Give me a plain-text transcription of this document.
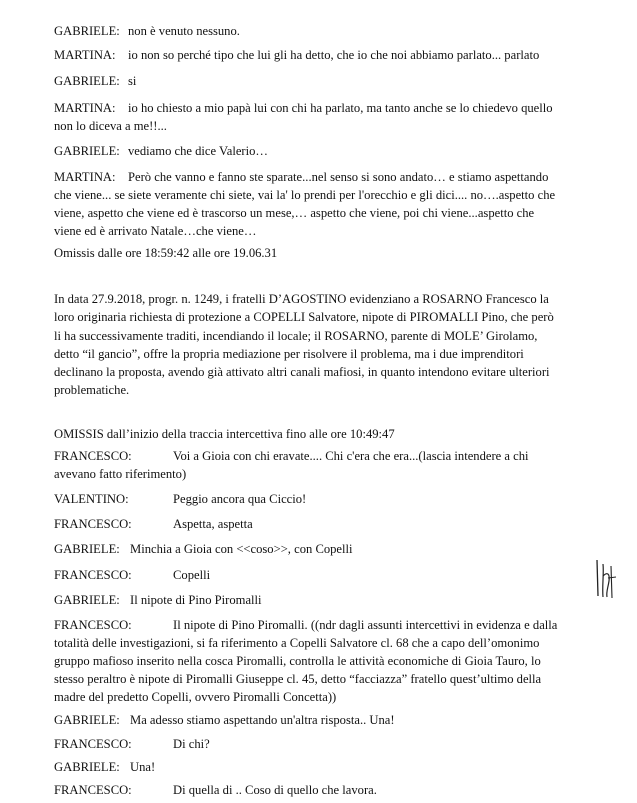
GABRIELE: non è venuto nessuno.
MARTINA: io non so perché tipo che lui gli ha detto, che io che noi abbiamo parlato... parlato
GABRIELE: si
MARTINA: io ho chiesto a mio papà lui con chi ha parlato, ma tanto anche se lo chiedevo quello
non lo diceva a me!!...
GABRIELE: vediamo che dice Valerio…
MARTINA: Però che vanno e fanno ste sparate...nel senso si sono andato… e stiamo aspettando
che viene... se siete veramente chi siete, vai la' lo prendi per l'orecchio e gli dici.... no….aspetto che
viene, aspetto che viene ed è trascorso un mese,… aspetto che viene, poi chi viene...aspetto che
viene ed è arrivato Natale…che viene…
Omissis dalle ore 18:59:42 alle ore 19.06.31
In data 27.9.2018, progr. n. 1249, i fratelli D’AGOSTINO evidenziano a ROSARNO Francesco la
loro originaria richiesta di protezione a COPELLI Salvatore, nipote di PIROMALLI Pino, che però
li ha successivamente traditi, incendiando il locale; il ROSARNO, parente di MOLE’ Girolamo,
detto “il gancio”, offre la propria mediazione per risolvere il problema, ma i due imprenditori
declinano la proposta, avendo già attivato altri canali mafiosi, in quanto intendono evitare ulteriori
problematiche.
OMISSIS dall’inizio della traccia intercettiva fino alle ore 10:49:47
FRANCESCO:	Voi a Gioia con chi eravate.... Chi c'era che era...(lascia intendere a chi
avevano fatto riferimento)
VALENTINO:	Peggio ancora qua Ciccio!
FRANCESCO:	Aspetta, aspetta
GABRIELE: Minchia a Gioia con <<coso>>, con Copelli
FRANCESCO:	Copelli
GABRIELE: Il nipote di Pino Piromalli
FRANCESCO:	Il nipote di Pino Piromalli. ((ndr dagli assunti intercettivi in evidenza e dalla
totalità delle investigazioni, si fa riferimento a Copelli Salvatore cl. 68 che a capo dell’omonimo
gruppo mafioso inserito nella cosca Piromalli, controlla le attività economiche di Gioia Tauro, lo
stesso peraltro è nipote di Piromalli Giuseppe cl. 45, detto “facciazza” fratello quest’ultimo della
madre del predetto Copelli, ovvero Piromalli Concetta))
GABRIELE: Ma adesso stiamo aspettando un'altra risposta.. Una!
FRANCESCO:	Di chi?
GABRIELE: Una!
FRANCESCO:	Di quella di .. Coso di quello che lavora.
